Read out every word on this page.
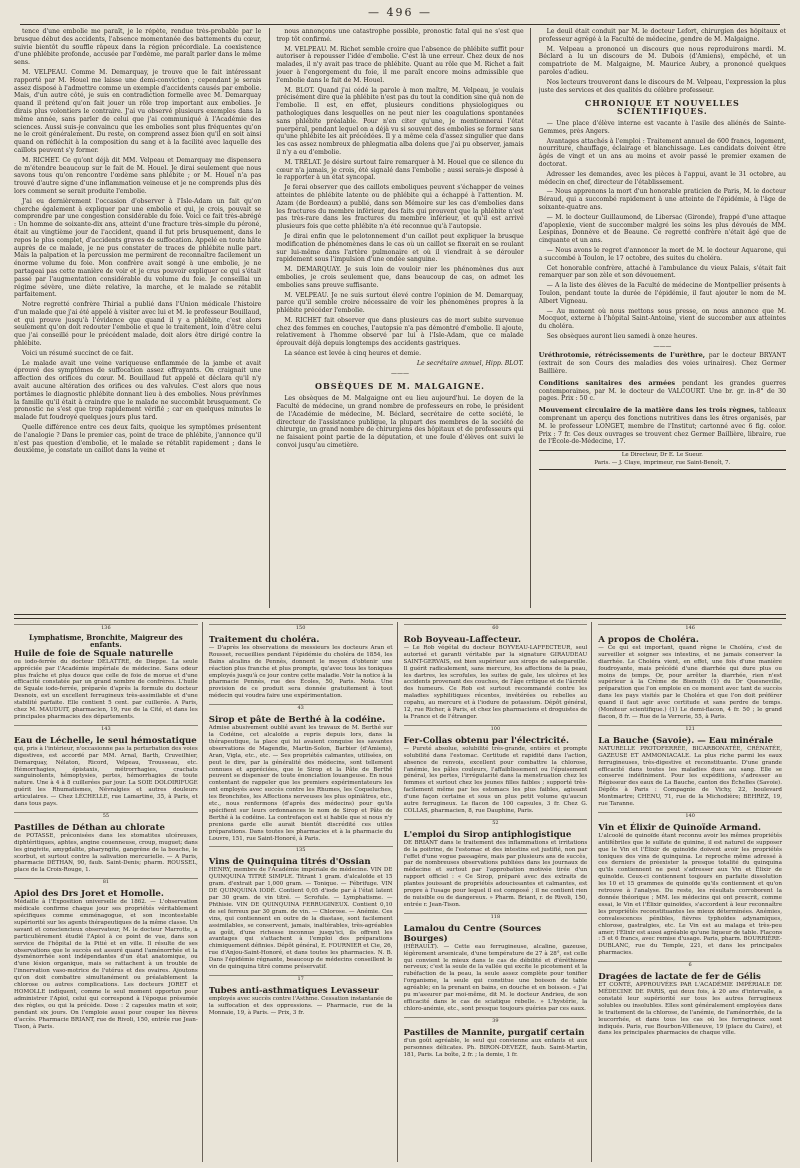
— 496 —

tence d'une embolie me paraît, je le répète, rendue très-probable par le brusque début des accidents, l'absence momentanée des battements du cœur, suivie bientôt du souffle râpeux dans la région précordiale. La coexistence d'une phlébite profonde, accusée par l'œdème, me paraît parler dans le même sens.

M. VELPEAU. Comme M. Demarquay, je trouve que le fait intéressant rapporté par M. Houel me laisse une demi-conviction ; cependant je serais assez disposé à l'admettre comme un exemple d'accidents causés par embolie. Mais, d'un autre côté, je suis en contradiction formelle avec M. Demarquay quand il prétend qu'on fait jouer un rôle trop important aux embolies. Je dirais plus volontiers le contraire. J'ai vu observé plusieurs exemples dans la même année, sans parler de celui que j'ai communiqué à l'Académie des sciences. Aussi suis-je convaincu que les embolies sont plus fréquentes qu'on ne le croit généralement. Du reste, on comprend assez bien qu'il en soit ainsi quand on réfléchit à la composition du sang et à la facilité avec laquelle des caillots peuvent s'y former.

M. RICHET. Ce qu'ont déjà dit MM. Velpeau et Demarquay me dispensera de m'étendre beaucoup sur le fait de M. Houel. Je dirai seulement que nous savons tous qu'on rencontre l'œdème sans phlébite ; or M. Houel n'a pas trouvé d'autre signe d'une inflammation veineuse et je ne comprends plus dès lors comment se serait produite l'embolie.

J'ai eu dernièrement l'occasion d'observer à l'Isle-Adam un fait qu'on cherche également à expliquer par une embolie et qui, je crois, pouvait se comprendre par une congestion considérable du foie. Voici ce fait très-abrégé : Un homme de soixante-dix ans, atteint d'une fracture très-simple du péroné, était au vingtième jour de l'accident, quand il fut pris brusquement, dans le repos le plus complet, d'accidents graves de suffocation. Appelé en toute hâte auprès de ce malade, je ne pus constater de traces de phlébite nulle part. Mais la palpation et la percussion me permirent de reconnaître facilement un énorme volume du foie. Mon confrère avait songé à une embolie, je ne partageai pas cette manière de voir et je crus pouvoir expliquer ce qui s'était passé par l'augmentation considérable du volume du foie. Je conseillai un régime sévère, une diète relative, la marche, et le malade se rétablit parfaitement.

Notre regretté confrère Thirial a publié dans l'Union médicale l'histoire d'un malade que j'ai été appelé à visiter avec lui et M. le professeur Bouillaud, et qui prouve jusqu'à l'évidence que quand il y a phlébite, c'est alors seulement qu'on doit redouter l'embolie et que le traitement, loin d'être celui que j'ai conseillé pour le précédent malade, doit alors être dirigé contre la phlébite.

Voici un résumé succinct de ce fait.

Le malade avait une veine variqueuse enflammée de la jambe et avait éprouvé des symptômes de suffocation assez effrayants. On craignait une affection des orifices du cœur. M. Bouillaud fut appelé et déclara qu'il n'y avait aucune altération des orifices ou des valvules. C'est alors que nous portâmes le diagnostic phlébite donnant lieu à des embolies. Nous prévînmes la famille qu'il était à craindre que le malade ne succombât brusquement. Ce pronostic ne s'est que trop rapidement vérifié ; car en quelques minutes le malade fut foudroyé quelques jours plus tard.

Quelle différence entre ces deux faits, quoique les symptômes présentent de l'analogie ? Dans le premier cas, point de trace de phlébite, j'annonce qu'il n'est pas question d'embolie, et le malade se rétablit rapidement ; dans le deuxième, je constate un caillot dans la veine et

nous annonçons une catastrophe possible, pronostic fatal qui ne s'est que trop tôt confirmé.

M. VELPEAU. M. Richet semble croire que l'absence de phlébite suffit pour autoriser à repousser l'idée d'embolie. C'est là une erreur. Chez deux de nos malades, il n'y avait pas trace de phlébite. Quant au rôle que M. Richet a fait jouer à l'engorgement du foie, il me paraît encore moins admissible que l'embolie dans le fait de M. Houel.

M. BLOT. Quand j'ai cédé la parole à mon maître, M. Velpeau, je voulais précisément dire que la phlébite n'est pas du tout la condition sine quâ non de l'embolie. Il est, en effet, plusieurs conditions physiologiques ou pathologiques dans lesquelles on ne peut nier les coagulations spontanées sans phlébite préalable. Pour n'en citer qu'une, je mentionnerai l'état puerpéral, pendant lequel on a déjà vu si souvent des embolies se former sans qu'une phlébite les ait précédées. Il y a même cela d'assez singulier que dans les cas assez nombreux de phlegmatia alba dolens que j'ai pu observer, jamais il n'y a eu d'embolie.

M. TRÉLAT. Je désire surtout faire remarquer à M. Houel que ce silence du cœur n'a jamais, je crois, été signalé dans l'embolie ; aussi serais-je disposé à le rapporter à un état syncopal.

Je ferai observer que des caillots emboliques peuvent s'échapper de veines atteintes de phlébite latente ou de phlébite qui a échappé à l'attention. M. Azam (de Bordeaux) a publié, dans son Mémoire sur les cas d'embolies dans les fractures du membre inférieur, des faits qui prouvent que la phlébite n'est pas très-rare dans les fractures du membre inférieur, et qu'il est arrivé plusieurs fois que cette phlébite n'a été reconnue qu'à l'autopsie.

Je dirai enfin que le pelotonnement d'un caillot peut expliquer la brusque modification de phénomènes dans le cas où un caillot se fixerait en se roulant sur lui-même dans l'artère pulmonaire et où il viendrait à se dérouler rapidement sous l'impulsion d'une ondée sanguine.

M. DEMARQUAY. Je suis loin de vouloir nier les phénomènes dus aux embolies, je crois seulement que, dans beaucoup de cas, on admet les embolies sans preuve suffisante.

M. VELPEAU. Je ne suis surtout élevé contre l'opinion de M. Demarquay, parce qu'il semble croire nécessaire de voir les phénomènes propres à la phlébite précéder l'embolie.

M. RICHET fait observer que dans plusieurs cas de mort subite survenue chez des femmes en couches, l'autopsie n'a pas démontré d'embolie. Il ajoute, relativement à l'homme observé par lui à l'Isle-Adam, que ce malade éprouvait déjà depuis longtemps des accidents gastriques.

La séance est levée à cinq heures et demie.

Le secrétaire annuel, Hipp. BLOT.

———
OBSÈQUES DE M. MALGAIGNE.

Les obsèques de M. Malgaigne ont eu lieu aujourd'hui. Le doyen de la Faculté de médecine, un grand nombre de professeurs en robe, le président de l'Académie de médecine, M. Béclard, secrétaire de cette société, le directeur de l'assistance publique, la plupart des membres de la société de chirurgie, un grand nombre de chirurgiens des hôpitaux et de professeurs qui ne faisaient point partie de la députation, et une foule d'élèves ont suivi le convoi jusqu'au cimetière.

Le deuil était conduit par M. le docteur Lefort, chirurgien des hôpitaux et professeur agrégé à la Faculté de médecine, gendre de M. Malgaigne.

M. Velpeau a prononcé un discours que nous reproduirons mardi. M. Béclard a lu un discours de M. Dubois (d'Amiens), empêché, et un compatriote de M. Malgaigne, M. Maurice Aubry, a prononcé quelques paroles d'adieu.

Nos lecteurs trouveront dans le discours de M. Velpeau, l'expression la plus juste des services et des qualités du célèbre professeur.

CHRONIQUE ET NOUVELLES SCIENTIFIQUES.

— Une place d'élève interne est vacante à l'asile des aliénés de Sainte-Gemmes, près Angers.

Avantages attachés à l'emploi : Traitement annuel de 600 francs, logement, nourriture, chauffage, éclairage et blanchissage. Les candidats doivent être âgés de vingt et un ans au moins et avoir passé le premier examen de doctorat.

Adresser les demandes, avec les pièces à l'appui, avant le 31 octobre, au médecin en chef, directeur de l'établissement.

— Nous apprenons la mort d'un honorable praticien de Paris, M. le docteur Béraud, qui a succombé rapidement à une atteinte de l'épidémie, à l'âge de soixante-quatre ans.

— M. le docteur Guillaumond, de Libersac (Gironde), frappé d'une attaque d'apoplexie, vient de succomber malgré les soins les plus dévoués de MM. Lespinas, Donnève et de Beaune. Ce regretté confrère n'était âgé que de cinquante et un ans.

— Nous avons le regret d'annoncer la mort de M. le docteur Aquarone, qui a succombé à Toulon, le 17 octobre, des suites du choléra.

Cet honorable confrère, attaché à l'ambulance du vieux Palais, s'était fait remarquer par son zèle et son dévouement.

— A la liste des élèves de la Faculté de médecine de Montpellier présents à Toulon, pendant toute la durée de l'épidémie, il faut ajouter le nom de M. Albert Vigneau.

— Au moment où nous mettons sous presse, on nous annonce que M. Mocquot, externe à l'hôpital Saint-Antoine, vient de succomber aux atteintes du choléra.

Ses obsèques auront lieu samedi à onze heures.

———
Uréthrotomie, rétrécissements de l'urèthre, par le docteur BRYANT (extrait de son Cours des maladies des voies urinaires). Chez Germer Baillière.
Conditions sanitaires des armées pendant les grandes guerres contemporaines, par M. le docteur de VALCOURT. Une br. gr. in-8° de 30 pages. Prix : 50 c.
Mouvement circulaire de la matière dans les trois règnes, tableaux comprenant un aperçu des fonctions nutritives dans les êtres organisés, par M. le professeur LONGET, membre de l'Institut; cartonné avec 6 fig. color. Prix : 7 fr. Ces deux ouvrages se trouvent chez Germer Baillière, libraire, rue de l'École-de-Médecine, 17.
Le Directeur, Dr E. Le Sueur.
Paris. — J. Claye, imprimeur, rue Saint-Benoît, 7.
136
Lymphatisme, Bronchite, Maigreur des enfants.
Huile de foie de Squale naturelle

ou iodo-ferrée du docteur DELATTRE, de Dieppe. La seule appréciée par l'Académie impériale de médecine. Sans odeur plus fraîche et plus douce que celle de foie de morue et d'une efficacité constatée par un grand nombre de confrères. L'huile de Squale iodo-ferrée, préparée d'après la formule du docteur Desnoix, est un excellent ferrugineux très-assimilable et d'une stabilité parfaite. Elle contient 5 cent. par cuillerée. A Paris, chez M. MAUDUIT, pharmacien, 19, rue de la Cité, et dans les principales pharmacies des départements.

143
Eau de Léchelle, le seul hémostatique

qui, pris à l'intérieur, n'occasionne pas la perturbation des voies digestives, est accordé par MM. Arnal, Barth, Cruveilhier, Demarquay, Nélaton, Ricord, Velpeau, Trousseau, etc. Hémorrhagies, épistaxis, métrorrhagies, crachats sanguinolents, hémoptysies, pertes, hémorrhagies de toute nature. Une à 4 à 8 cuillerées par jour. La SOIE DOLOIRIFUGE guérit les Rhumatismes, Névralgies et autres douleurs articulaires. — Chez LÉCHELLE, rue Lamartine, 35, à Paris, et dans tous pays.

55
Pastilles de Déthan au chlorate

de POTASSE, préconisées dans les stomatites ulcéreuses, diphtéritiques, aphtes, angine couenneuse, croup, muguet; dans les gingivite, amygdalite, pharyngite, gangrène de la bouche, le scorbut, et surtout contre la salivation mercurielle. — A Paris, pharmacie DÉTHAN, 90, faub. Saint-Denis; pharm. ROUSSEL, place de la Croix-Rouge, 1.

81
Apiol des Drs Joret et Homolle.

Médaille à l'Exposition universelle de 1862. — L'observation médicale confirme chaque jour ses propriétés véritablement spécifiques comme emménagogue, et son incontestable supériorité sur les agents thérapeutiques de la même classe. Un savant et consciencieux observateur, M. le docteur Marrotte, a particulièrement étudié l'Apiol à ce point de vue, dans son service de l'hôpital de la Pitié et en ville. Il résulte de ses observations que le succès est assuré quand l'aménorrhée et la dysménorrhée sont indépendantes d'un état anatomique, ou d'une lésion organique, mais se rattachent à un trouble de l'innervation vaso-motrice de l'utérus et des ovaires. Ajoutons qu'on doit combattre simultanément ou préalablement la chlorose ou autres complications. Les docteurs JORET et HOMOLLE indiquent, comme le seul moment opportun pour administrer l'Apiol, celui qui correspond à l'époque présumée des règles, ou qui la précède. Dose : 2 capsules matin et soir, pendant six jours. On l'emploie aussi pour couper les fièvres d'accès. Pharmacie BRIANT, rue de Rivoli, 150, entrée rue Jean-Tison, à Paris.

150
Traitement du choléra.

— D'après les observations de messieurs les docteurs Aran et Rousset, recueillies pendant l'épidémie du choléra de 1854, les Bains alcalins de Pennès, donnent le moyen d'obtenir une réaction plus franche et plus prompte, qu'avec tous les toniques employés jusqu'à ce jour contre cette maladie. Voir la notice à la pharmacie Pennès, rue des Écoles, 50, Paris. Nota. Une provision de ce produit sera donnée gratuitement à tout médecin qui voudra faire une expérimentation.

43
Sirop et pâte de Berthé à la codéine.

Admise abusivement oublié avant les travaux de M. Berthé sur la Codéine, cet alcaloïde a repris depuis lors, dans la thérapeutique, la place qui lui avaient conquise les savantes observations de Magendie, Martin-Solon, Barbier (d'Amiens), Aran, Vigla, etc., etc. — Ses propriétés calmantes, utilisées, on peut le dire, par la généralité des médecins, sont tellement connues et appréciées, que le Sirop et la Pâte de Berthé peuvent se dispenser de toute énonciation louangeuse. En nous contentant de rappeler que les premiers expérimentateurs les ont employés avec succès contre les Rhumes, les Coqueluches, les Bronchites, les Affections nerveuses les plus opiniâtres, etc., etc., nous renfermons (d'après des médecins) pour qu'ils spécifient sur leurs ordonnances le nom de Sirop et Pâte de Berthé à la codéine. La contrefaçon est si habile que si nous n'y prenions garde elle aurait bientôt discrédité ces utiles préparations. Dans toutes les pharmacies et à la pharmacie du Louvre, 151, rue Saint-Honoré, à Paris.

135
Vins de Quinquina titrés d'Ossian

HENRY, membre de l'Académie impériale de médecine. VIN DE QUINQUINA TITRÉ SIMPLE. Titrant 1 gram. d'alcaloïde et 15 gram. d'extrait par 1,000 gram. — Tonique. — Fébrifuge. VIN DE QUINQUINA IODÉ. Contient 0,05 d'iode par à l'état latent par 30 gram. de vin titré. — Scrofule. — Lymphatisme. — Phthisie. VIN DE QUINQUINA FERRUGINEUX. Contient 0,10 de sel ferreux par 30 gram. de vin. — Chlorose. — Anémie. Ces vins, qui contiennent en outre de la diastase, sont facilement assimilables, se conservent, jamais, inaltérables, très-agréables au goût, d'une richesse inconnue jusqu'ici, ils offrent les avantages qui s'attachent à l'emploi des préparations chimiquement définies. Dépôt général, E. FOURNIER et Cie, 26, rue d'Anjou-Saint-Honoré, et dans toutes les pharmacies. N. B. Dans l'épidémie régnante, beaucoup de médecins conseillent le vin de quinquina titré comme préservatif.

17
Tubes anti-asthmatiques Levasseur

employés avec succès contre l'Asthme. Cessation instantanée de la suffocation et des oppressions. — Pharmacie, rue de la Monnaie, 19, à Paris. — Prix, 3 fr.

60
Rob Boyveau-Laffecteur.

— Le Rob végétal du docteur BOYVEAU-LAFFECTEUR, seul autorisé et garanti véritable par la signature GIRAUDEAU SAINT-GERVAIS, est bien supérieur aux sirops de salsepareille. Il guérit radicalement, sans mercure, les affections de la peau, les dartres, les scrofules, les suites de gale, les ulcères et les accidents provenant des couches, de l'âge critique et de l'âcreté des humeurs. Ce Rob est surtout recommandé contre les maladies syphilitiques récentes, invétérées ou rebelles au copahu, au mercure et à l'iodure de potassium. Dépôt général, 12, rue Richer, à Paris, et chez les pharmaciens et droguistes de la France et de l'étranger.

100
Fer-Collas obtenu par l'électricité.

— Pureté absolue, solubilité très-grande, entière et prompte solubilité dans l'estomac. Certitude et rapidité dans l'action, absence de renvois, excellent pour combattre la chlorose, l'anémie, les pâles couleurs, l'affaiblissement ou l'épuisement général, les pertes, l'irrégularité dans la menstruation chez les femmes et surtout chez les jeunes filles faibles ; supporté très-facilement même par les estomacs les plus faibles, agissant d'une façon certaine et sous un plus petit volume qu'aucun autre ferrugineux. Le flacon de 100 capsules, 3 fr. Chez G. COLLAS, pharmacien, 8, rue Dauphine, Paris.

52
L'emploi du Sirop antiphlogistique

DE BRIANT dans le traitement des inflammations et irritations de la poitrine, de l'estomac et des intestins est justifié, non par l'effet d'une vogue passagère, mais par plusieurs ans de succès, par de nombreuses observations publiées dans les journaux de médecine et surtout par l'approbation motivée tirée d'un rapport officiel : « Ce Sirop, préparé avec des extraits de plantes jouissant de propriétés adoucissantes et calmantes, est propre à l'usage pour lequel il est composé ; il ne contient rien de nuisible ou de dangereux. » Pharm. Briant, r. de Rivoli, 150, entrée r. Jean-Tison.

118
Lamalou du Centre (Sources Bourges)

(HÉRAULT). — Cette eau ferrugineuse, alcaline, gazeuse, légèrement arsenicale, d'une température de 27 à 28°, est celle qui convient le mieux dans le cas de débilité et d'éréthisme nerveux; c'est la seule de la vallée qui excite le picotement et la rubéfaction de la peau, la seule assez complète pour tonifier l'organisme, la seule qui constitue une boisson de table agréable; en la prenant en bains, en douche et en boisson. « J'ai pu m'assurer par moi-même, dit M. le docteur Andrieu, de son efficacité dans le cas de sciatique rebelle. » L'hystérie, la chloro-anémie, etc., sont presque toujours guéries par ces eaux.

39
Pastilles de Mannite, purgatif certain

d'un goût agréable, le seul qui convienne aux enfants et aux personnes délicates. Ph. BIRON-DEVEZE, faub. Saint-Martin, 181, Paris. La boîte, 2 fr. ; la demie, 1 fr.

146
A propos de Choléra.

— Ce qui est important, quand règne le Choléra, c'est de surveiller et soigner ses intestins, et ne jamais conserver la diarrhée. Le Choléra vient, en effet, une fois d'une manière foudroyante, mais précédé d'une diarrhée qui dure plus ou moins de temps. Or, pour arrêter la diarrhée, rien n'est supérieur à la Crème de Bismuth (1) du Dr Quesneville, préparation que l'on emploie en ce moment avec tant de succès dans les pays visités par le Choléra et que l'on doit préférer quand il faut agir avec certitude et sans perdre de temps. (Moniteur scientifique.) (1) Le demi-flacon, 4 fr. 50 ; le grand flacon, 8 fr. — Rue de la Verrerie, 55, à Paris.

121
La Bauche (Savoie). — Eau minérale

NATURELLE PROTOFERRÉE, BICARBONATÉE, CRÉNATÉE, GAZEUSE ET AMMONIACALE. La plus riche parmi les eaux ferrugineuses, très-digestive et reconstituante. D'une grande efficacité dans toutes les maladies dues au sang. Elle se conserve indéfiniment. Pour les expéditions, s'adresser au Régisseur des eaux de La Bauche, canton des Échelles (Savoie). Dépôts à Paris : Compagnie de Vichy, 22, boulevard Montmartre; CHENU, 71, rue de la Michodière; BEHREZ, 19, rue Taranne.

140
Vin et Élixir de Quinoïde Armand.

L'alcoolé de quinoïde étant reconnu avoir les mêmes propriétés antifébriles que le sulfate de quinine, il est naturel de supposer que le Vin et l'Élixir de quinoïde doivent avoir les propriétés toniques des vins de quinquina. Le reproche même adressé à ces derniers de préexister la presque totalité du quinquina qu'ils contiennent ne peut s'adresser aux Vin et Élixir de quinoïde. Ceux-ci contiennent toujours en parfaite dissolution les 10 et 15 grammes de quinoïde qu'ils contiennent et qu'on retrouve à l'analyse. Du reste, les résultats corroborent la donnée théorique ; MM. les médecins qui ont prescrit, comme essai, le Vin et l'Élixir quinoïdes, s'accordent à leur reconnaître les propriétés reconstituantes les mieux déterminées. Anémies, convalescences pénibles, fièvres typhoïdes adynamiques, chlorose, gastralgies, etc. Le Vin est au malaga et très-peu amer; l'Élixir est aussi agréable qu'une liqueur de table. Flacons : 5 et 6 francs, avec remise d'usage. Paris, pharm. BOURRIÈRE-DUBLANC, rue du Temple, 221, et dans les principales pharmacies.

6
Dragées de lactate de fer de Gélis

ET CONTÉ, APPROUVÉES PAR L'ACADÉMIE IMPÉRIALE DE MÉDECINE DE PARIS, qui deux fois, à 20 ans d'intervalle, a constaté leur supériorité sur tous les autres ferrugineux solubles ou insolubles. Elles sont généralement employées dans le traitement de la chlorose, de l'anémie, de l'aménorrhée, de la leucorrhée, et dans tous les cas où les ferrugineux sont indiqués. Paris, rue Bourbon-Villeneuve, 19 (place du Caire), et dans les principales pharmacies de chaque ville.
